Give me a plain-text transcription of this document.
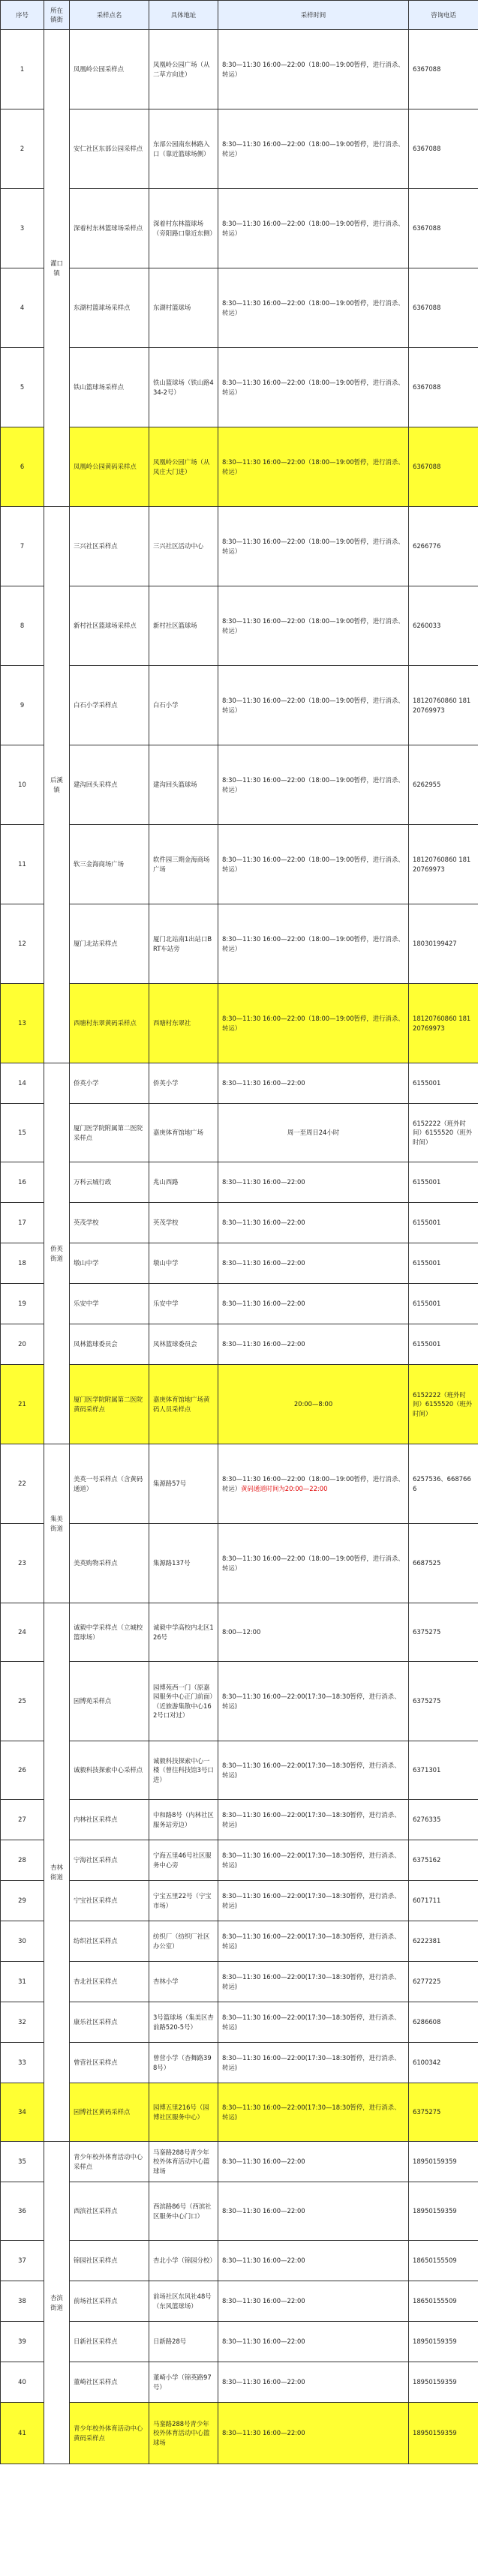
序号	所在
镇街	采样点名	具体地址	采样时间	咨询电话
1	灌口镇	凤凰岭公园采样点	凤凰岭公园广场（从二草方向进）	8:30—11:30 16:00—22:00（18:00—19:00暂停，进行消杀、转运）	6367088
2		安仁社区东部公园采样点	东部公园南东林路入口（靠近篮球场侧）	8:30—11:30 16:00—22:00（18:00—19:00暂停，进行消杀、转运）	6367088
3		深着村东林篮球场采样点	深着村东林篮球场（旁阳路口靠近东侧）	8:30—11:30 16:00—22:00（18:00—19:00暂停，进行消杀、转运）	6367088
4		东湖村篮球场采样点	东湖村篮球场	8:30—11:30 16:00—22:00（18:00—19:00暂停，进行消杀、转运）	6367088
5		铁山篮球场采样点	铁山篮球场（铁山路434-2号）	8:30—11:30 16:00—22:00（18:00—19:00暂停，进行消杀、转运）	6367088
6		凤凰岭公园黄码采样点	凤凰岭公园广场（从凤庄大门进）	8:30—11:30 16:00—22:00（18:00—19:00暂停，进行消杀、转运）	6367088
7	后溪镇	三兴社区采样点	三兴社区活动中心	8:30—11:30 16:00—22:00（18:00—19:00暂停，进行消杀、转运）	6266776
8		新村社区篮球场采样点	新村社区篮球场	8:30—11:30 16:00—22:00（18:00—19:00暂停，进行消杀、转运）	6260033
9		白石小学采样点	白石小学	8:30—11:30 16:00—22:00（18:00—19:00暂停，进行消杀、转运）	18120760860 18120769973
10		建沟回头采样点	建沟回头篮球场	8:30—11:30 16:00—22:00（18:00—19:00暂停，进行消杀、转运）	6262955
11		软三金海商场广场	软件园三期金海商场广场	8:30—11:30 16:00—22:00（18:00—19:00暂停，进行消杀、转运）	18120760860 18120769973
12		厦门北站采样点	厦门北站南1出站口BRT车站旁	8:30—11:30 16:00—22:00（18:00—19:00暂停，进行消杀、转运）	18030199427
13		西塘村东翠黄码采样点	西塘村东翠社	8:30—11:30 16:00—22:00（18:00—19:00暂停，进行消杀、转运）	18120760860 18120769973
14	侨英街道	侨英小学	侨英小学	8:30—11:30 16:00—22:00	6155001
15		厦门医学院附属第二医院采样点	嘉庚体育馆地广场	周一至周日24小时	6152222（班外时间）6155520（班外时间）
16		万科云城行政	兆山西路	8:30—11:30 16:00—22:00	6155001
17		英茂学校	英茂学校	8:30—11:30 16:00—22:00	6155001
18		墩山中学	墩山中学	8:30—11:30 16:00—22:00	6155001
19		乐安中学	乐安中学	8:30—11:30 16:00—22:00	6155001
20		凤林篮球委员会	凤林篮球委员会	8:30—11:30 16:00—22:00	6155001
21		厦门医学院附属第二医院黄码采样点	嘉庚体育馆地广场黄码人员采样点	20:00—8:00	6152222（班外时间）6155520（班外时间）
22	集美街道	美英一号采样点（含黄码通道）	集源路57号	8:30—11:30 16:00—22:00（18:00—19:00暂停，进行消杀、转运）黄码通道时间为20:00—22:00	6257536、6687666
23		美英购物采样点	集源路137号	8:30—11:30 16:00—22:00（18:00—19:00暂停，进行消杀、转运）	6687525
24	杏林街道	诚毅中学采样点（立城校篮球场）	诚毅中学高校内北区126号	8:00—12:00	6375275
25		园博苑采样点	园博苑西一门（原嘉园服务中心正门前面）（近旅游集散中心162号口对过）	8:30—11:30 16:00—22:00(17:30—18:30暂停，进行消杀、转运)	6375275
26		诚毅科技探索中心采样点	诚毅科技探索中心一楼（曾往科技馆3号口进）	8:30—11:30 16:00—22:00(17:30—18:30暂停，进行消杀、转运)	6371301
27		内林社区采样点	中和路8号（内林社区服务站旁边）	8:30—11:30 16:00—22:00(17:30—18:30暂停，进行消杀、转运)	6276335
28		宁海社区采样点	宁海五里46号社区服务中心旁	8:30—11:30 16:00—22:00(17:30—18:30暂停，进行消杀、转运)	6375162
29		宁宝社区采样点	宁宝五里22号（宁宝市场）	8:30—11:30 16:00—22:00(17:30—18:30暂停，进行消杀、转运)	6071711
30		纺织社区采样点	纺织厂（纺织厂社区办公室）	8:30—11:30 16:00—22:00(17:30—18:30暂停，进行消杀、转运)	6222381
31		杏北社区采样点	杏林小学	8:30—11:30 16:00—22:00(17:30—18:30暂停，进行消杀、转运)	6277225
32		康乐社区采样点	3号篮球场（集美区杏前路520-5号）	8:30—11:30 16:00—22:00(17:30—18:30暂停，进行消杀、转运)	6286608
33		曾营社区采样点	曾营小学（杏舞路398号）	8:30—11:30 16:00—22:00(17:30—18:30暂停，进行消杀、转运)	6100342
34		园博社区黄码采样点	园博五里216号（园博社区服务中心）	8:30—11:30 16:00—22:00(17:30—18:30暂停，进行消杀、转运)	6375275
35	杏滨街道	青少年校外体育活动中心采样点	马銮路288号青少年校外体育活动中心篮球场	8:30—11:30 16:00—22:00	18950159359
36		西滨社区采样点	西滨路86号（西滨社区服务中心门口）	8:30—11:30 16:00—22:00	18950159359
37		锦园社区采样点	杏北小学（锦园分校）	8:30—11:30 16:00—22:00	18650155509
38		前场社区采样点	前场社区东风社48号（东风篮球场）	8:30—11:30 16:00—22:00	18650155509
39		日新社区采样点	日新路28号	8:30—11:30 16:00—22:00	18950159359
40		董崎社区采样点	董崎小学（锦英路97号）	8:30—11:30 16:00—22:00	18950159359
41		青少年校外体育活动中心黄码采样点	马銮路288号青少年校外体育活动中心篮球场	8:30—11:30 16:00—22:00	18950159359
